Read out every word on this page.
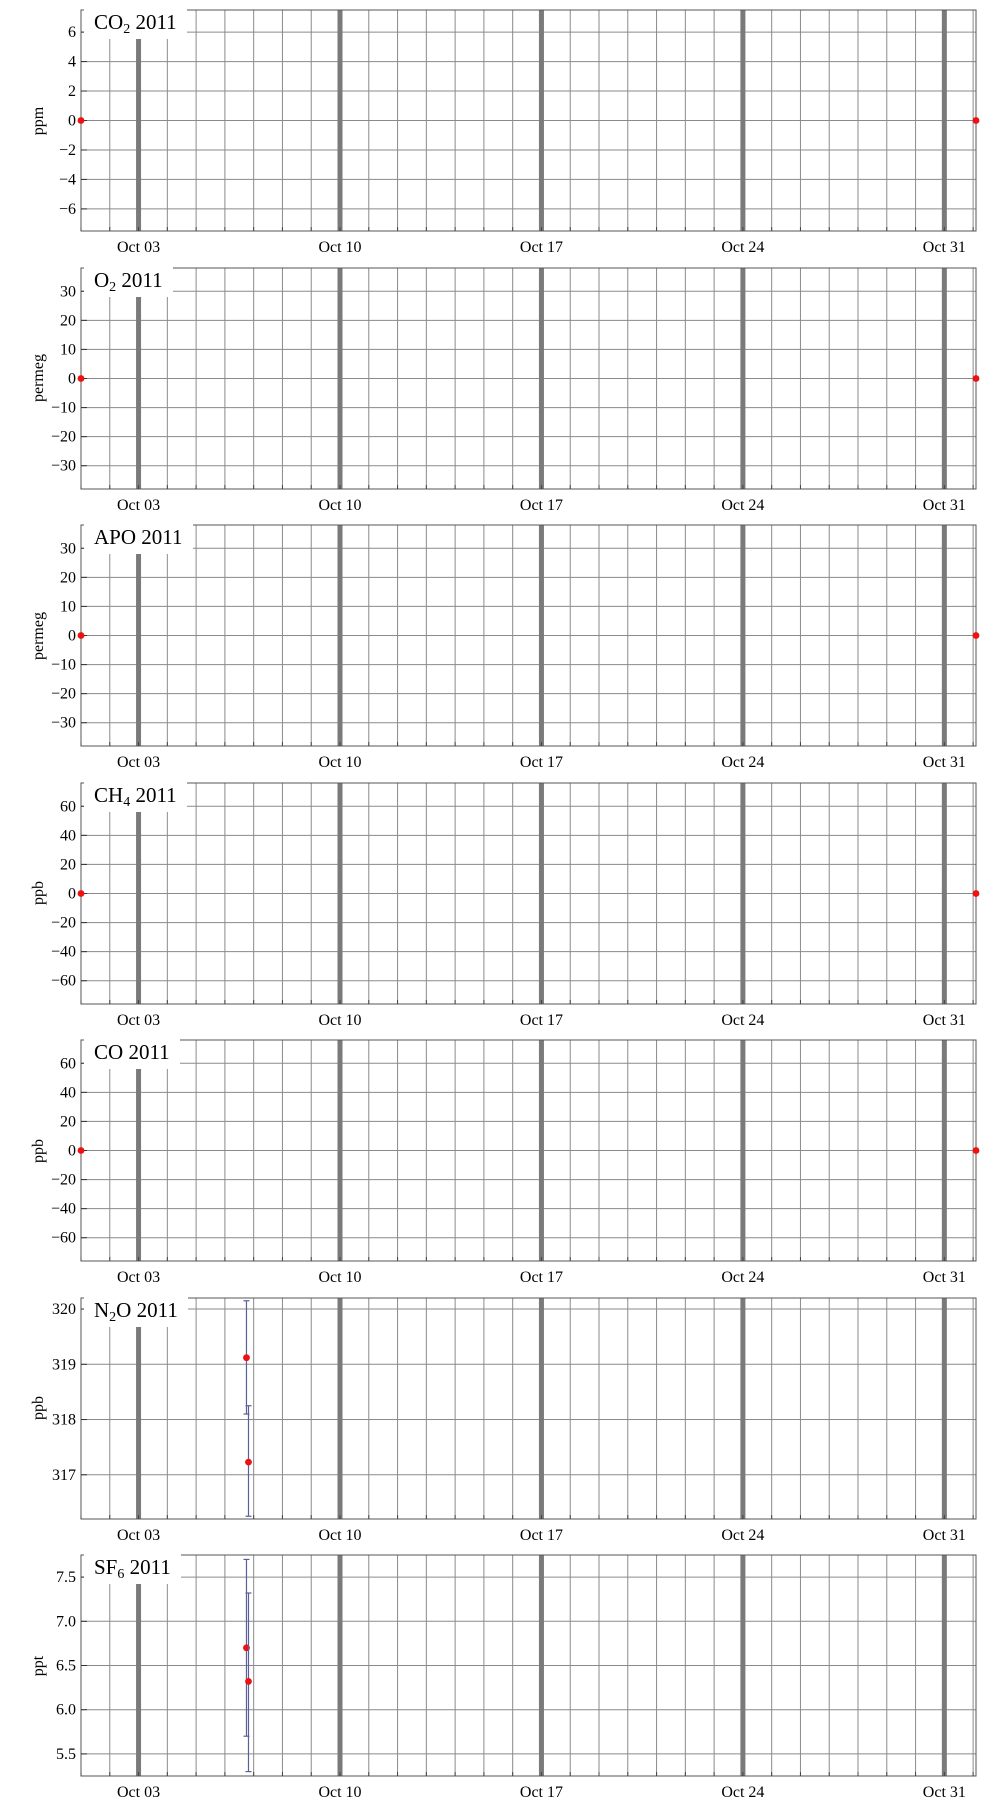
−6
−4
−2
0
2
4
6
Oct 03	Oct 10	Oct 17	Oct 24	Oct 31
$CO_2$ 2011
ppm
−30
−20
−10
0
10
20
30
Oct 03	Oct 10	Oct 17	Oct 24	Oct 31
$O_2$ 2011
permeg
−30
−20
−10
0
10
20
30
Oct 03	Oct 10	Oct 17	Oct 24	Oct 31
APO 2011
permeg
−60
−40
−20
0
20
40
60
Oct 03	Oct 10	Oct 17	Oct 24	Oct 31
$CH_4$ 2011
ppb
−60
−40
−20
0
20
40
60
Oct 03	Oct 10	Oct 17	Oct 24	Oct 31
CO 2011
ppb
317
318
319
320
Oct 03	Oct 10	Oct 17	Oct 24	Oct 31
$N_2O$ 2011
ppb
5.5
6.0
6.5
7.0
7.5
Oct 03	Oct 10	Oct 17	Oct 24	Oct 31
$SF_6$ 2011
ppt
